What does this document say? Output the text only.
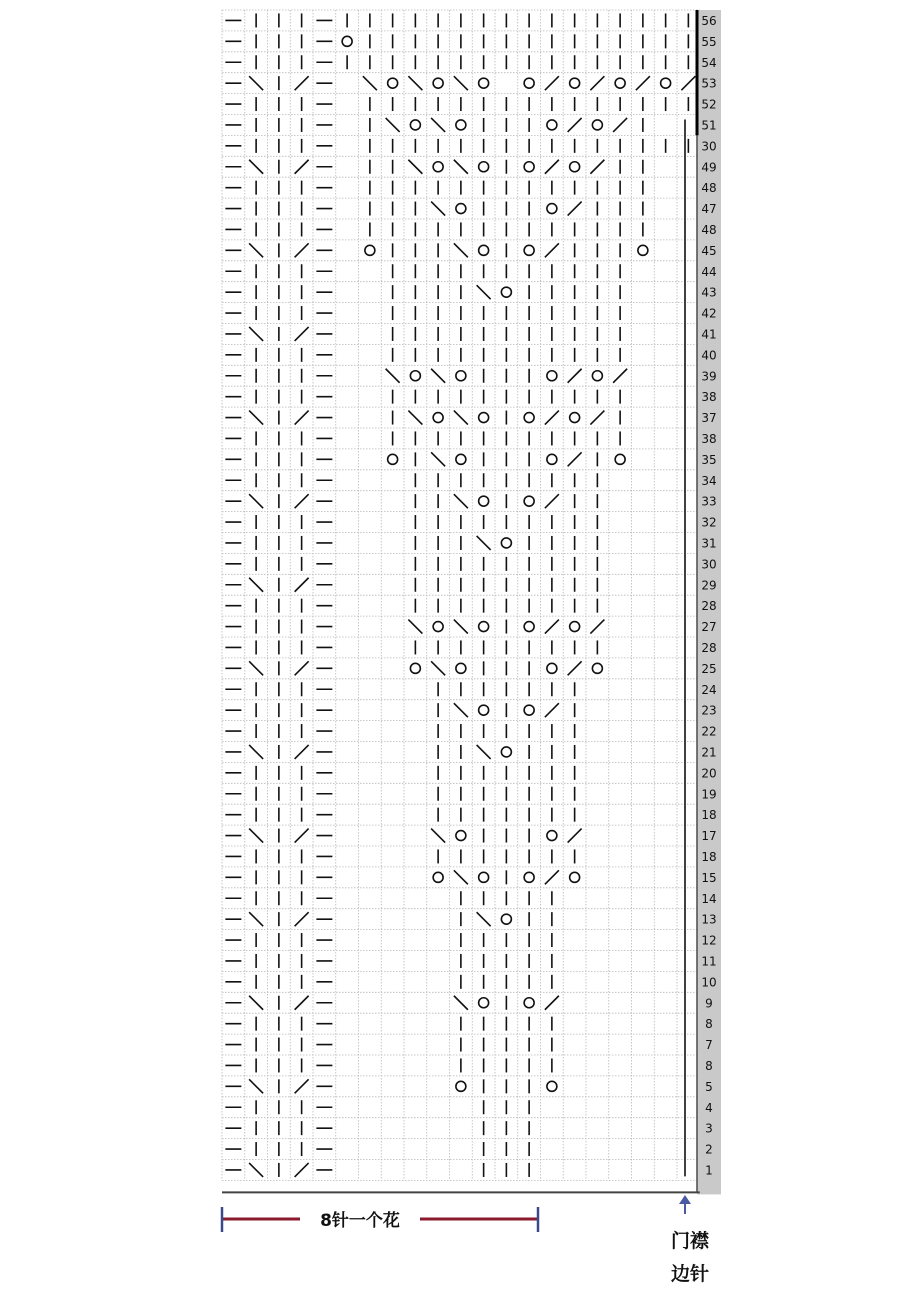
56
55
54
53
52
51
30
49
48
47
48
45
44
43
42
41
40
39
38
37
38
35
34
33
32
31
30
29
28
27
28
25
24
23
22
21
20
19
18
17
18
15
14
13
12
11
10
9
8
7
8
5
4
3
2
1
8针一个花
门襟
边针
